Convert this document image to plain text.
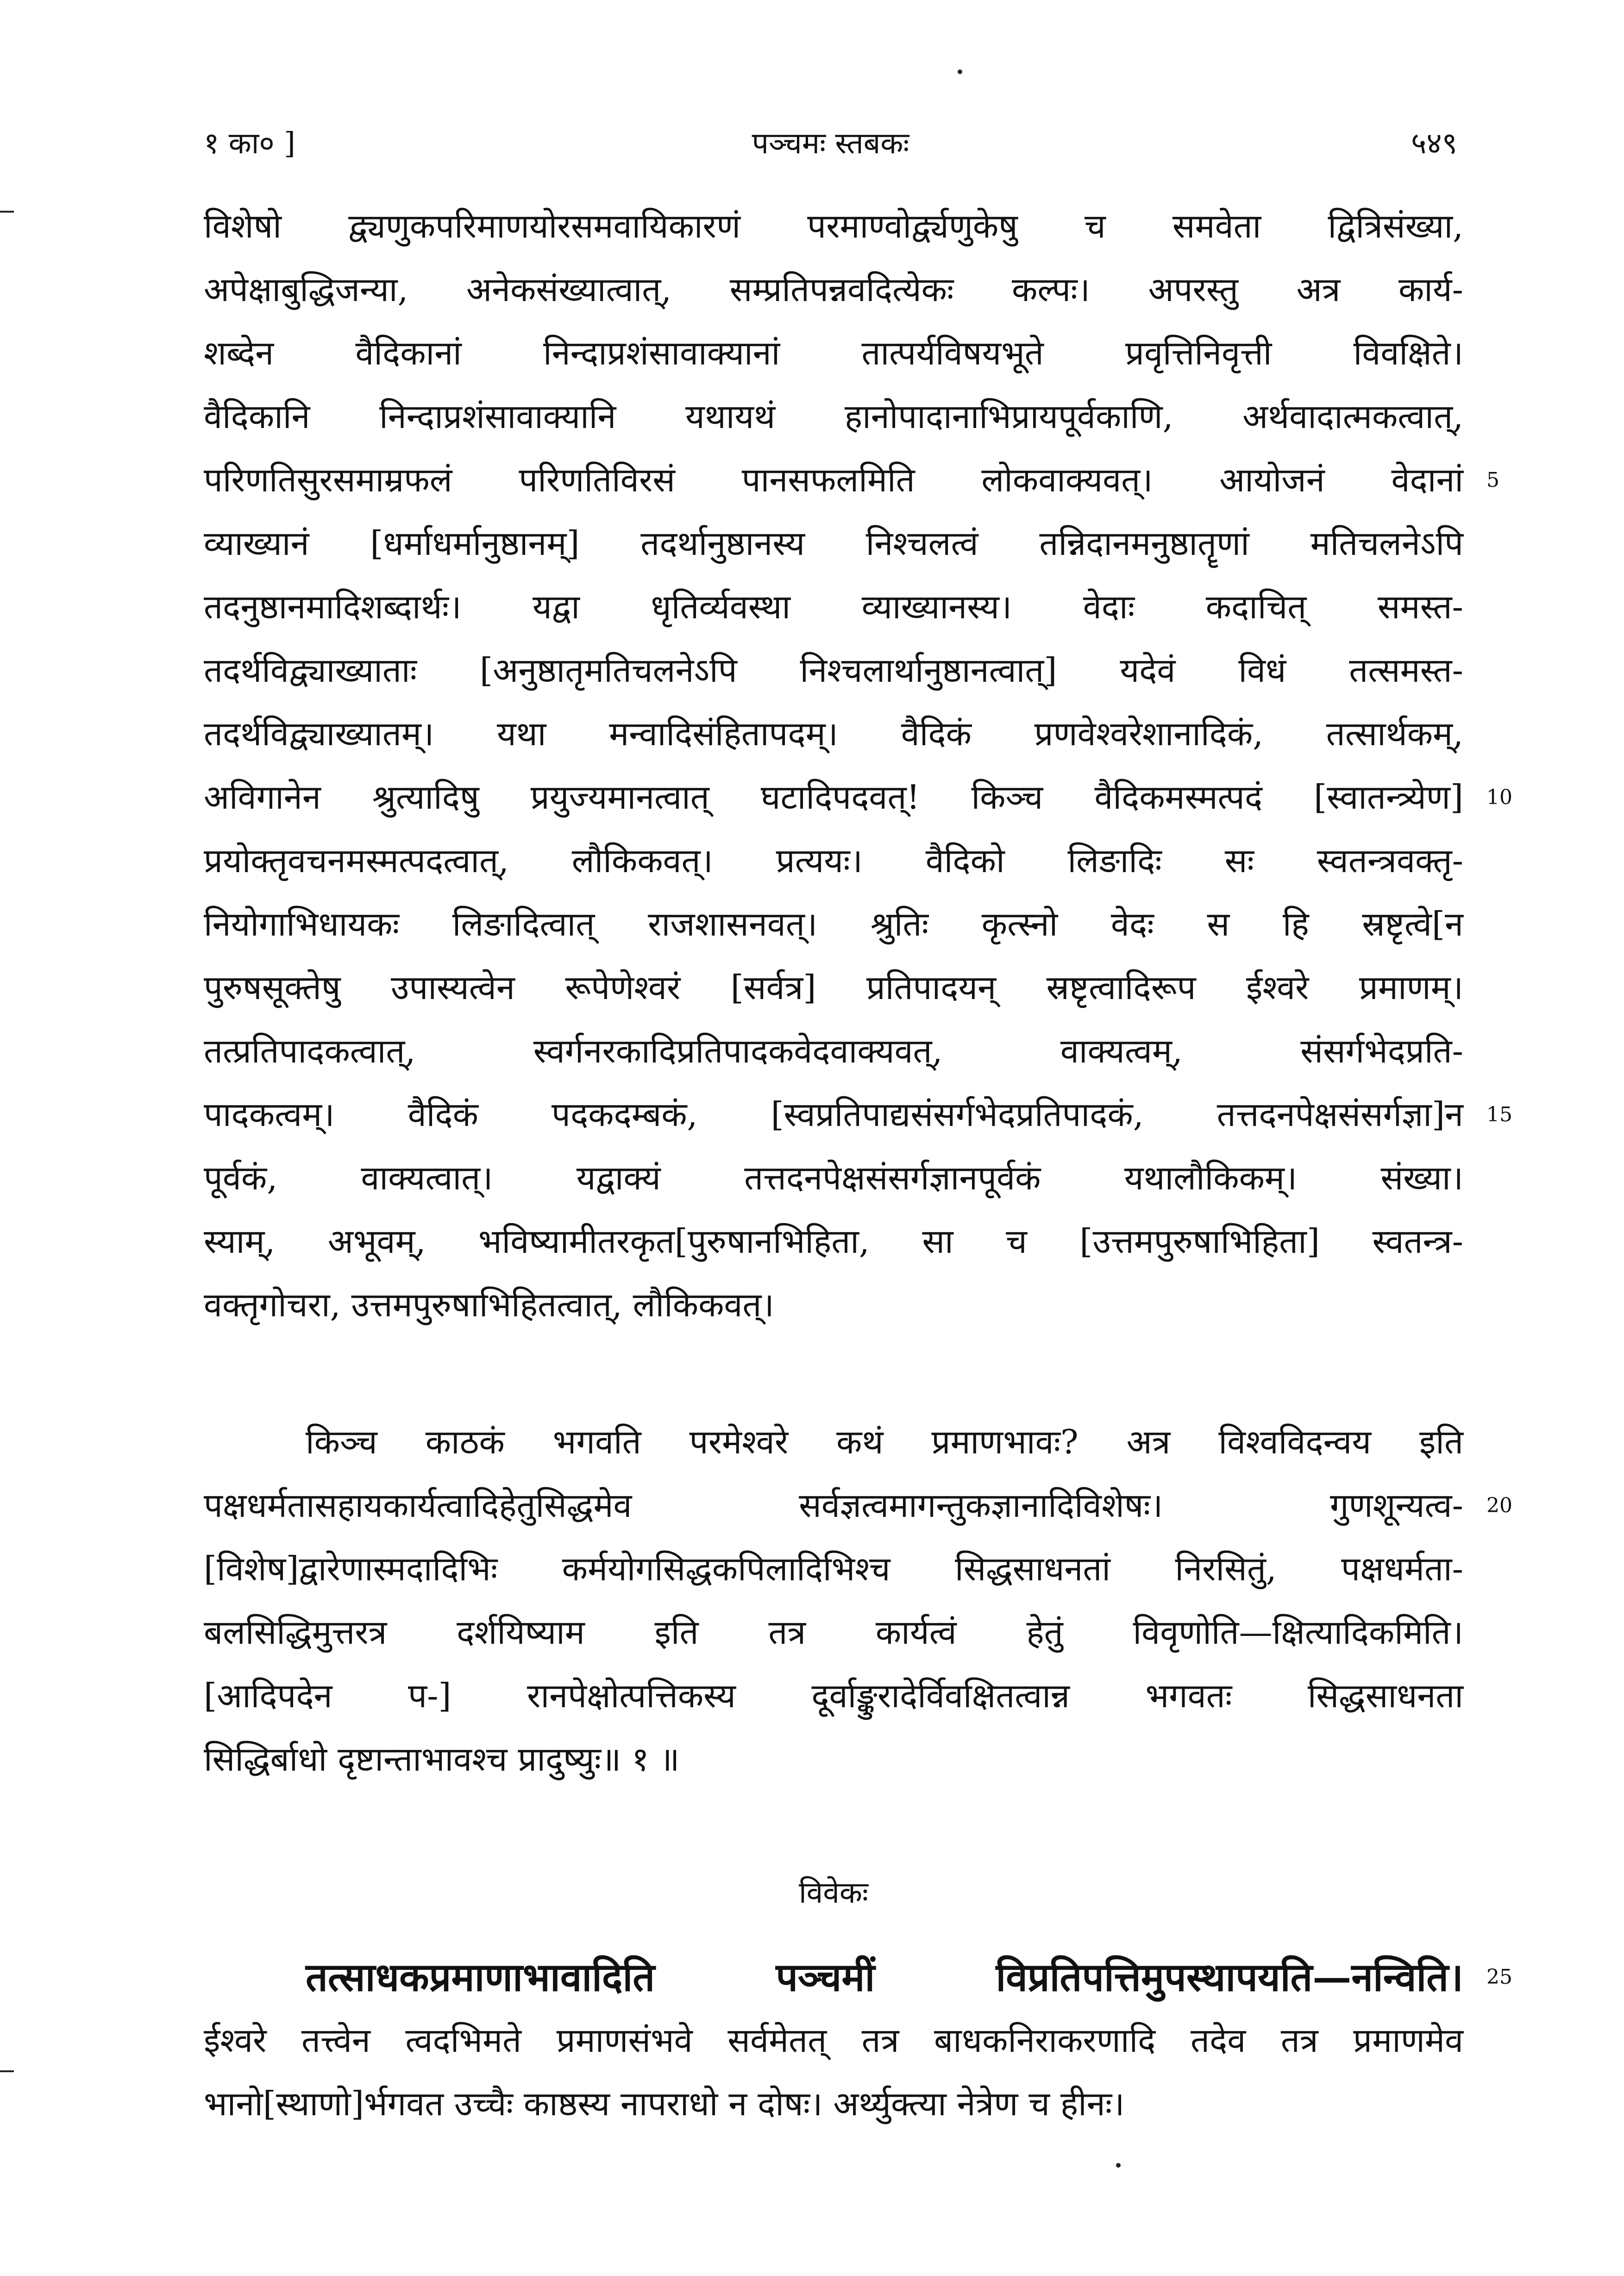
१ का० ]	पञ्चमः स्तबकः	५४९
विशेषो द्व्यणुकपरिमाणयोरसमवायिकारणं परमाण्वोर्द्व्यणुकेषु च समवेता द्वित्रिसंख्या,
अपेक्षाबुद्धिजन्या, अनेकसंख्यात्वात्, सम्प्रतिपन्नवदित्येकः कल्पः। अपरस्तु अत्र कार्य-
शब्देन वैदिकानां निन्दाप्रशंसावाक्यानां तात्पर्यविषयभूते प्रवृत्तिनिवृत्ती विवक्षिते।
वैदिकानि निन्दाप्रशंसावाक्यानि यथायथं हानोपादानाभिप्रायपूर्वकाणि, अर्थवादात्मकत्वात्,
परिणतिसुरसमाम्रफलं परिणतिविरसं पानसफलमिति लोकवाक्यवत्। आयोजनं वेदानां 5
व्याख्यानं [धर्माधर्मानुष्ठानम्] तदर्थानुष्ठानस्य निश्चलत्वं तन्निदानमनुष्ठातॄणां मतिचलनेऽपि
तदनुष्ठानमादिशब्दार्थः। यद्वा धृतिर्व्यवस्था व्याख्यानस्य। वेदाः कदाचित् समस्त-
तदर्थविद्व्याख्याताः [अनुष्ठातृमतिचलनेऽपि निश्चलार्थानुष्ठानत्वात्] यदेवं विधं तत्समस्त-
तदर्थविद्व्याख्यातम्। यथा मन्वादिसंहितापदम्। वैदिकं प्रणवेश्वरेशानादिकं, तत्सार्थकम्,
अविगानेन श्रुत्यादिषु प्रयुज्यमानत्वात् घटादिपदवत्! किञ्च वैदिकमस्मत्पदं [स्वातन्त्र्येण] 10
प्रयोक्तृवचनमस्मत्पदत्वात्, लौकिकवत्। प्रत्ययः। वैदिको लिङादिः सः स्वतन्त्रवक्तृ-
नियोगाभिधायकः लिङादित्वात् राजशासनवत्। श्रुतिः कृत्स्नो वेदः स हि स्रष्टृत्वे[न
पुरुषसूक्तेषु उपास्यत्वेन रूपेणेश्वरं [सर्वत्र] प्रतिपादयन् स्रष्टृत्वादिरूप ईश्वरे प्रमाणम्।
तत्प्रतिपादकत्वात्, स्वर्गनरकादिप्रतिपादकवेदवाक्यवत्, वाक्यत्वम्, संसर्गभेदप्रति-
पादकत्वम्। वैदिकं पदकदम्बकं, [स्वप्रतिपाद्यसंसर्गभेदप्रतिपादकं, तत्तदनपेक्षसंसर्गज्ञा]न 15
पूर्वकं, वाक्यत्वात्। यद्वाक्यं तत्तदनपेक्षसंसर्गज्ञानपूर्वकं यथालौकिकम्। संख्या।
स्याम्, अभूवम्, भविष्यामीतरकृत[पुरुषानभिहिता, सा च [उत्तमपुरुषाभिहिता] स्वतन्त्र-
वक्तृगोचरा, उत्तमपुरुषाभिहितत्वात्, लौकिकवत्।
किञ्च काठकं भगवति परमेश्वरे कथं प्रमाणभावः? अत्र विश्वविदन्वय इति
पक्षधर्मतासहायकार्यत्वादिहेतुसिद्धमेव सर्वज्ञत्वमागन्तुकज्ञानादिविशेषः। गुणशून्यत्व- 20
[विशेष]द्वारेणास्मदादिभिः कर्मयोगसिद्धकपिलादिभिश्च सिद्धसाधनतां निरसितुं, पक्षधर्मता-
बलसिद्धिमुत्तरत्र दर्शयिष्याम इति तत्र कार्यत्वं हेतुं विवृणोति—क्षित्यादिकमिति।
[आदिपदेन प-] रानपेक्षोत्पत्तिकस्य दूर्वाङ्कुरादेर्विवक्षितत्वान्न भगवतः सिद्धसाधनता
सिद्धिर्बाधो दृष्टान्ताभावश्च प्रादुष्युः॥ १ ॥
विवेकः
तत्साधकप्रमाणाभावादिति पञ्चमीं विप्रतिपत्तिमुपस्थापयति—नन्विति। 25
ईश्वरे तत्त्वेन त्वदभिमते प्रमाणसंभवे सर्वमेतत् तत्र बाधकनिराकरणादि तदेव तत्र प्रमाणमेव
भानो[स्थाणो]र्भगवत उच्चैः काष्ठस्य नापराधो न दोषः। अर्थ्युक्त्या नेत्रेण च हीनः।
